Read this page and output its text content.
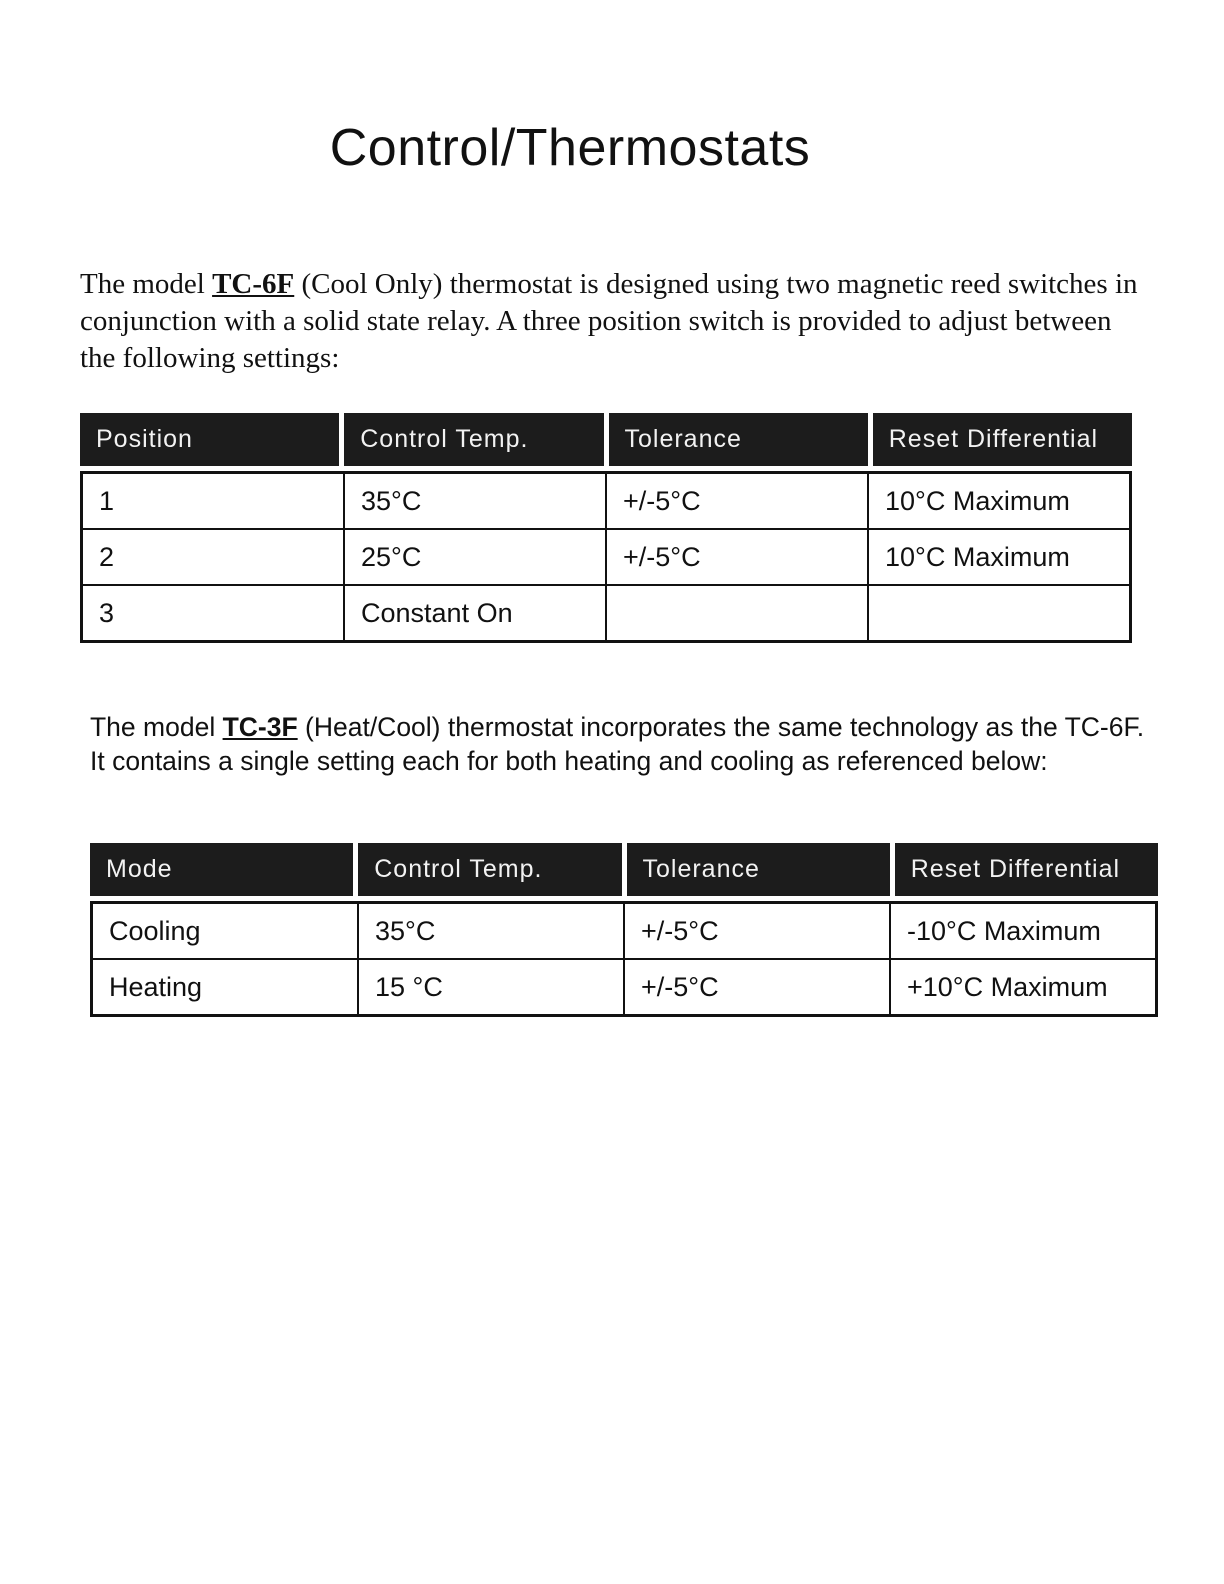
Control/Thermostats

The model TC-6F (Cool Only) thermostat is designed using two magnetic reed switches in conjunction with a solid state relay. A three position switch is provided to adjust between the following settings:

Position	Control Temp.	Tolerance	Reset Differential
1	35°C	+/-5°C	10°C Maximum
2	25°C	+/-5°C	10°C Maximum
3	Constant On

The model TC-3F (Heat/Cool) thermostat incorporates the same technology as the TC-6F. It contains a single setting each for both heating and cooling as referenced below:

Mode	Control Temp.	Tolerance	Reset Differential
Cooling	35°C	+/-5°C	-10°C Maximum
Heating	15 °C	+/-5°C	+10°C Maximum
